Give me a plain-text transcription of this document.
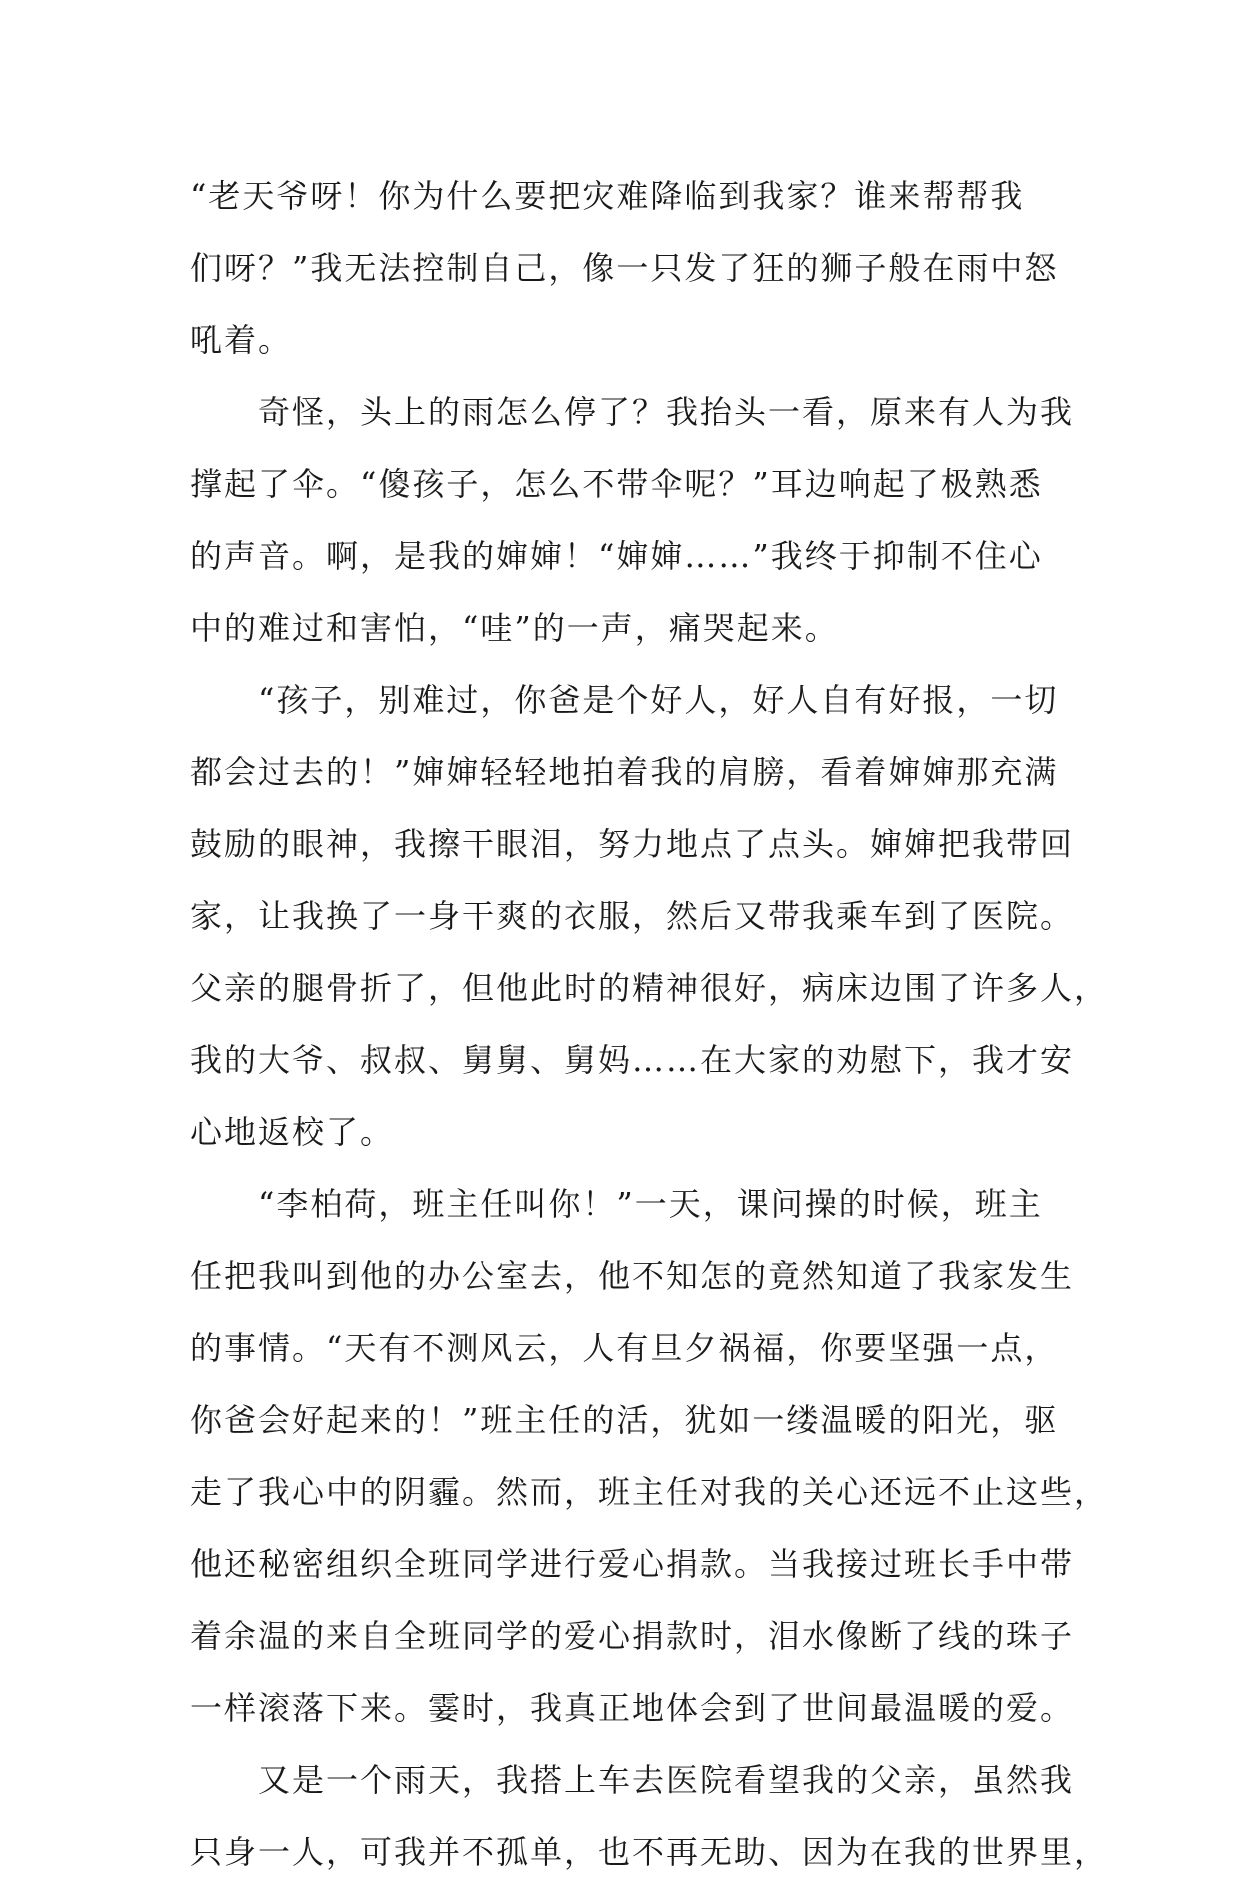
“老天爷呀！你为什么要把灾难降临到我家？谁来帮帮我
们呀？”我无法控制自己，像一只发了狂的狮子般在雨中怒
吼着。
　　奇怪，头上的雨怎么停了？我抬头一看，原来有人为我
撑起了伞。“傻孩子，怎么不带伞呢？”耳边响起了极熟悉
的声音。啊，是我的婶婶！“婶婶……”我终于抑制不住心
中的难过和害怕，“哇”的一声，痛哭起来。
　　“孩子，别难过，你爸是个好人，好人自有好报，一切
都会过去的！”婶婶轻轻地拍着我的肩膀，看着婶婶那充满
鼓励的眼神，我擦干眼泪，努力地点了点头。婶婶把我带回
家，让我换了一身干爽的衣服，然后又带我乘车到了医院。
父亲的腿骨折了，但他此时的精神很好，病床边围了许多人，
我的大爷、叔叔、舅舅、舅妈……在大家的劝慰下，我才安
心地返校了。
　　“李柏荷，班主任叫你！”一天，课问操的时候，班主
任把我叫到他的办公室去，他不知怎的竟然知道了我家发生
的事情。“天有不测风云，人有旦夕祸福，你要坚强一点，
你爸会好起来的！”班主任的活，犹如一缕温暖的阳光，驱
走了我心中的阴霾。然而，班主任对我的关心还远不止这些，
他还秘密组织全班同学进行爱心捐款。当我接过班长手中带
着余温的来自全班同学的爱心捐款时，泪水像断了线的珠子
一样滚落下来。霎时，我真正地体会到了世间最温暖的爱。
　　又是一个雨天，我搭上车去医院看望我的父亲，虽然我
只身一人，可我并不孤单，也不再无助、因为在我的世界里，
